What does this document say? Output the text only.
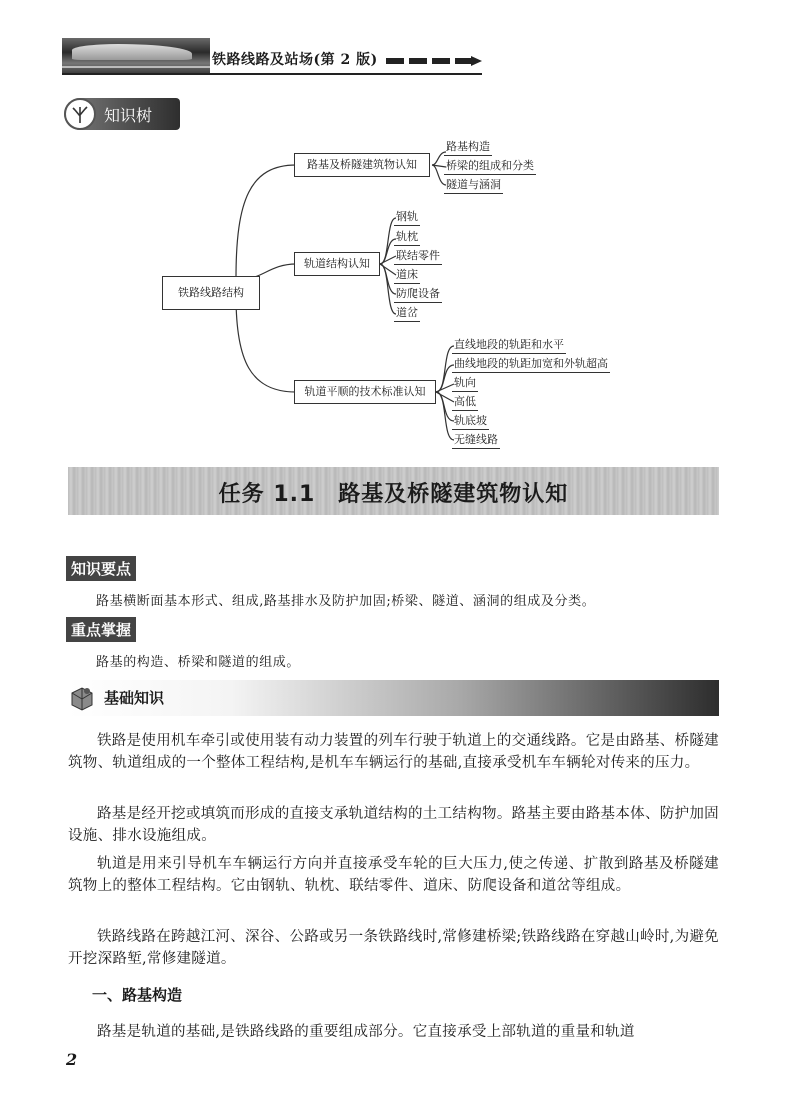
铁路线路及站场(第 2 版)
知识树
铁路线路结构
路基及桥隧建筑物认知
轨道结构认知
轨道平顺的技术标准认知
路基构造
桥梁的组成和分类
隧道与涵洞
钢轨
轨枕
联结零件
道床
防爬设备
道岔
直线地段的轨距和水平
曲线地段的轨距加宽和外轨超高
轨向
高低
轨底坡
无缝线路
任务 1.1　路基及桥隧建筑物认知
知识要点
路基横断面基本形式、组成,路基排水及防护加固;桥梁、隧道、涵洞的组成及分类。
重点掌握
路基的构造、桥梁和隧道的组成。
基础知识
铁路是使用机车牵引或使用装有动力装置的列车行驶于轨道上的交通线路。它是由路基、桥隧建筑物、轨道组成的一个整体工程结构,是机车车辆运行的基础,直接承受机车车辆轮对传来的压力。
路基是经开挖或填筑而形成的直接支承轨道结构的土工结构物。路基主要由路基本体、防护加固设施、排水设施组成。
轨道是用来引导机车车辆运行方向并直接承受车轮的巨大压力,使之传递、扩散到路基及桥隧建筑物上的整体工程结构。它由钢轨、轨枕、联结零件、道床、防爬设备和道岔等组成。
铁路线路在跨越江河、深谷、公路或另一条铁路线时,常修建桥梁;铁路线路在穿越山岭时,为避免开挖深路堑,常修建隧道。
一、路基构造
路基是轨道的基础,是铁路线路的重要组成部分。它直接承受上部轨道的重量和轨道
2
